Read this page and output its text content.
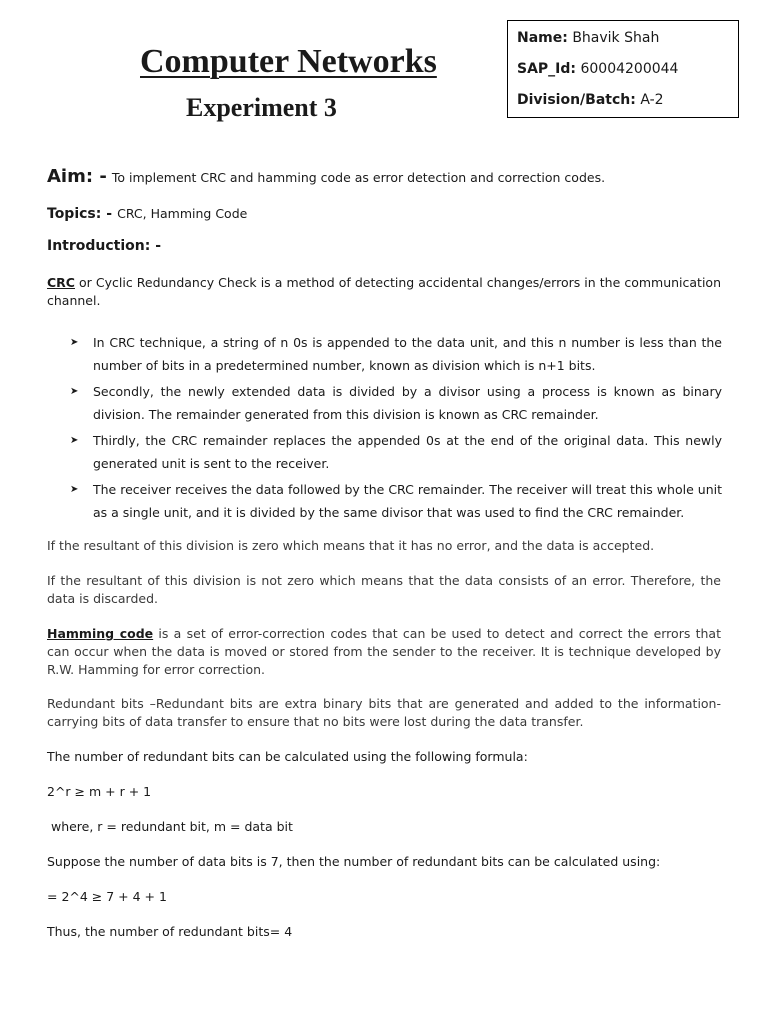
Computer Networks
Experiment 3
Name: Bhavik Shah
SAP_Id: 60004200044
Division/Batch: A-2
Aim: - To implement CRC and hamming code as error detection and correction codes.
Topics: - CRC, Hamming Code
Introduction: -
CRC or Cyclic Redundancy Check is a method of detecting accidental changes/errors in the communication channel.
➤ In CRC technique, a string of n 0s is appended to the data unit, and this n number is less than the number of bits in a predetermined number, known as division which is n+1 bits.
➤ Secondly, the newly extended data is divided by a divisor using a process is known as binary division. The remainder generated from this division is known as CRC remainder.
➤ Thirdly, the CRC remainder replaces the appended 0s at the end of the original data. This newly generated unit is sent to the receiver.
➤ The receiver receives the data followed by the CRC remainder. The receiver will treat this whole unit as a single unit, and it is divided by the same divisor that was used to find the CRC remainder.
If the resultant of this division is zero which means that it has no error, and the data is accepted.
If the resultant of this division is not zero which means that the data consists of an error. Therefore, the data is discarded.
Hamming code is a set of error-correction codes that can be used to detect and correct the errors that can occur when the data is moved or stored from the sender to the receiver. It is technique developed by R.W. Hamming for error correction.
Redundant bits –Redundant bits are extra binary bits that are generated and added to the information-carrying bits of data transfer to ensure that no bits were lost during the data transfer.
The number of redundant bits can be calculated using the following formula:
2^r ≥ m + r + 1
where, r = redundant bit, m = data bit
Suppose the number of data bits is 7, then the number of redundant bits can be calculated using:
= 2^4 ≥ 7 + 4 + 1
Thus, the number of redundant bits= 4
